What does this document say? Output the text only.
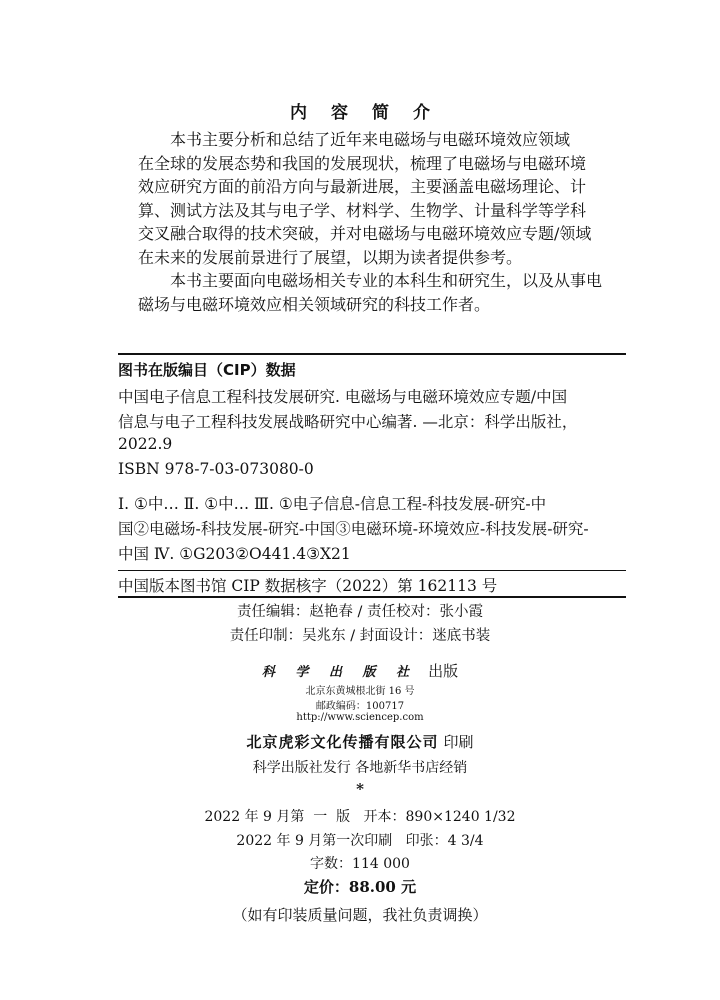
内 容 简 介
本书主要分析和总结了近年来电磁场与电磁环境效应领域
在全球的发展态势和我国的发展现状，梳理了电磁场与电磁环境
效应研究方面的前沿方向与最新进展，主要涵盖电磁场理论、计
算、测试方法及其与电子学、材料学、生物学、计量科学等学科
交叉融合取得的技术突破，并对电磁场与电磁环境效应专题/领域
在未来的发展前景进行了展望，以期为读者提供参考。
本书主要面向电磁场相关专业的本科生和研究生，以及从事电
磁场与电磁环境效应相关领域研究的科技工作者。
图书在版编目（CIP）数据
中国电子信息工程科技发展研究. 电磁场与电磁环境效应专题/中国
信息与电子工程科技发展战略研究中心编著. —北京：科学出版社，
2022.9
ISBN 978-7-03-073080-0
Ⅰ. ①中… Ⅱ. ①中… Ⅲ. ①电子信息-信息工程-科技发展-研究-中
国②电磁场-科技发展-研究-中国③电磁环境-环境效应-科技发展-研究-
中国 Ⅳ. ①G203②O441.4③X21
中国版本图书馆 CIP 数据核字（2022）第 162113 号
责任编辑：赵艳春 / 责任校对：张小霞
责任印制：吴兆东 / 封面设计：迷底书装
科 学 出 版 社 出版
北京东黄城根北街 16 号
邮政编码：100717
http://www.sciencep.com
北京虎彩文化传播有限公司 印刷
科学出版社发行 各地新华书店经销
*
2022 年 9 月第  一  版   开本：890×1240 1/32
2022 年 9 月第一次印刷   印张：4 3/4
字数：114 000
定价：88.00 元
（如有印装质量问题，我社负责调换）
